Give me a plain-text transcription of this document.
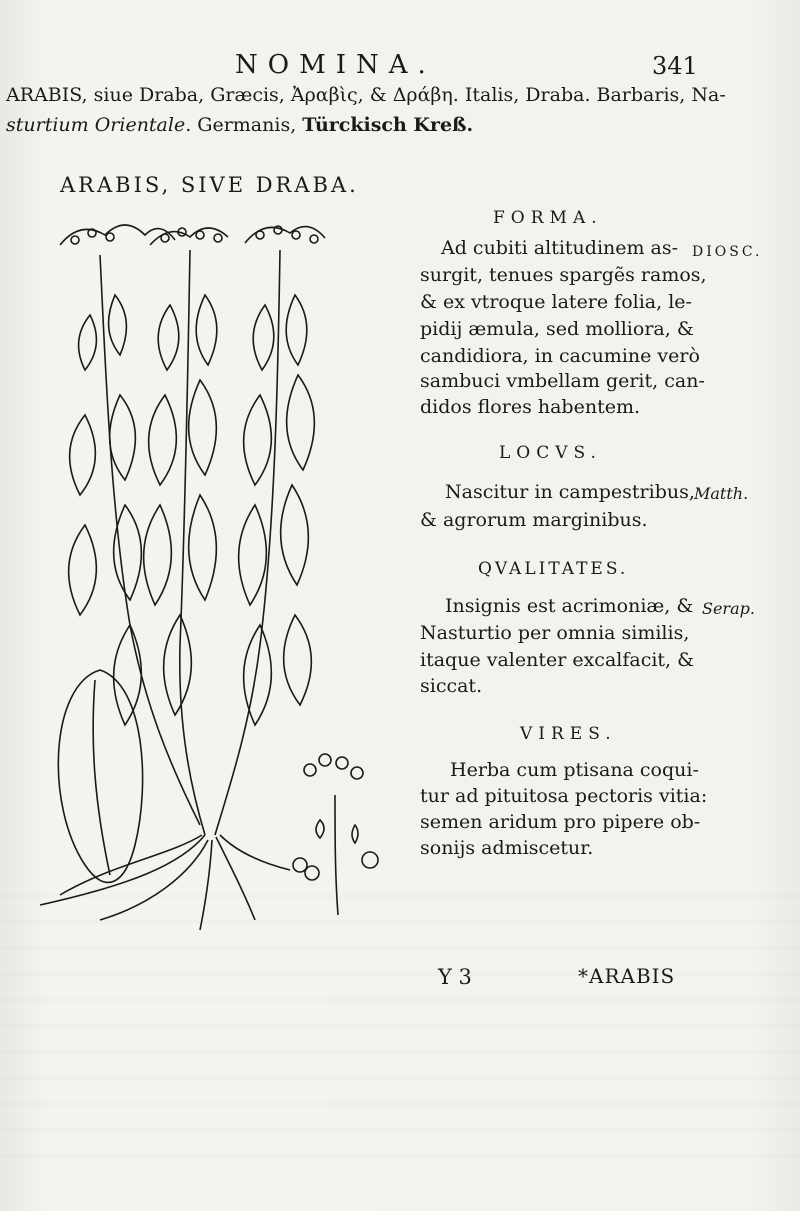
NOMINA.	341
ARABIS, siue Draba, Græcis, Ἀραβὶς, & Δράβη. Italis, Draba. Barbaris, Na-
sturtium Orientale. Germanis, Türckisch Kreß.
ARABIS, SIVE DRABA.
FORMA.
Ad cubiti altitudinem as- DIOSC.
surgit, tenues spargẽs ramos,
& ex vtroque latere folia, le-
pidij æmula, sed molliora, &
candidiora, in cacumine verò
sambuci vmbellam gerit, can-
didos flores habentem.
LOCVS.
Nascitur in campestribus, Matth.
& agrorum marginibus.
QVALITATES.
Insignis est acrimoniæ, & Serap.
Nasturtio per omnia similis,
itaque valenter excalfacit, &
siccat.
VIRES.
Herba cum ptisana coqui-
tur ad pituitosa pectoris vitia:
semen aridum pro pipere ob-
sonijs admiscetur.
Y 3	*ARABIS
